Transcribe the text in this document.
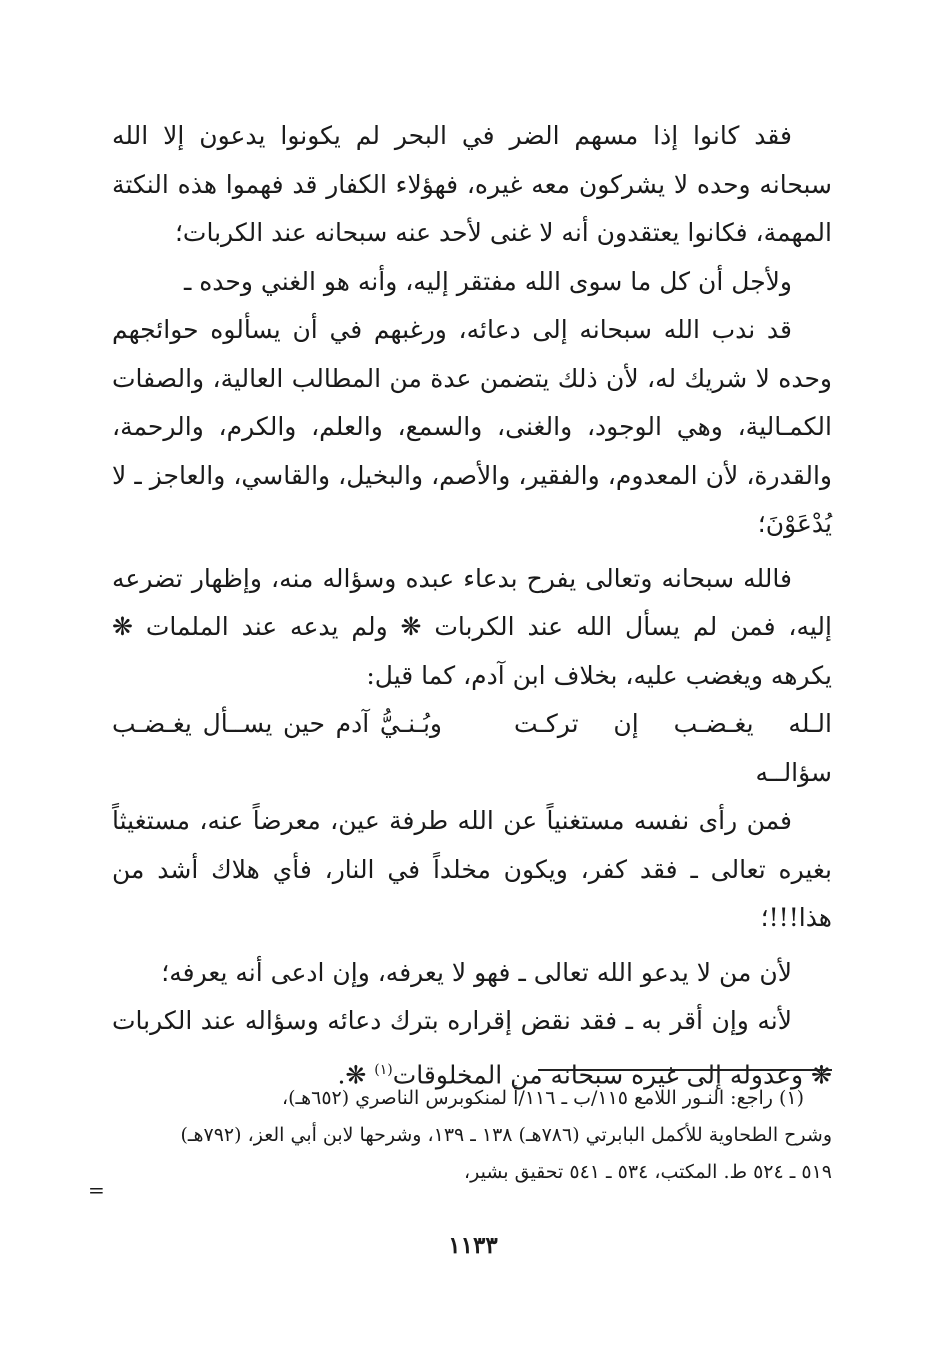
فقد كانوا إذا مسهم الضر في البحر لم يكونوا يدعون إلا الله سبحانه وحده لا يشركون معه غيره، فهؤلاء الكفار قد فهموا هذه النكتة المهمة، فكانوا يعتقدون أنه لا غنى لأحد عنه سبحانه عند الكربات؛

ولأجل أن كل ما سوى الله مفتقر إليه، وأنه هو الغني وحده ـ

قد ندب الله سبحانه إلى دعائه، ورغبهم في أن يسألوه حوائجهم وحده لا شريك له، لأن ذلك يتضمن عدة من المطالب العالية، والصفات الكمـالية، وهي الوجود، والغنى، والسمع، والعلم، والكرم، والرحمة، والقدرة، لأن المعدوم، والفقير، والأصم، والبخيل، والقاسي، والعاجز ـ لا يُدْعَوْنَ؛

فالله سبحانه وتعالى يفرح بدعاء عبده وسؤاله منه، وإظهار تضرعه إليه، فمن لم يسأل الله عند الكربات ❋ ولم يدعه عند الملمات ❋ يكرهه ويغضب عليه، بخلاف ابن آدم، كما قيل:

الـله يغـضـب إن تركـت سؤالــه
وبُـنـيُّ آدم حين يســأل يغـضـب

فمن رأى نفسه مستغنياً عن الله طرفة عين، معرضاً عنه، مستغيثاً بغيره تعالى ـ فقد كفر، ويكون مخلداً في النار، فأي هلاك أشد من هذا!!!؛

لأن من لا يدعو الله تعالى ـ فهو لا يعرفه، وإن ادعى أنه يعرفه؛

لأنه وإن أقر به ـ فقد نقض إقراره بترك دعائه وسؤاله عند الكربات ❋ وعدوله إلى غيره سبحانه من المخلوقات$^{(١)}$ ❋.

(١) راجع: النـور اللامع ١١٥/ب ـ ١١٦/أ لمنكوبرس الناصري (٦٥٢هـ)،

وشرح الطحاوية للأكمل البابرتي (٧٨٦هـ) ١٣٨ ـ ١٣٩، وشرحها لابن أبي العز، (٧٩٢هـ)

٥١٩ ـ ٥٢٤ ط. المكتب، ٥٣٤ ـ ٥٤١ تحقيق بشير،

=
١١٣٣
